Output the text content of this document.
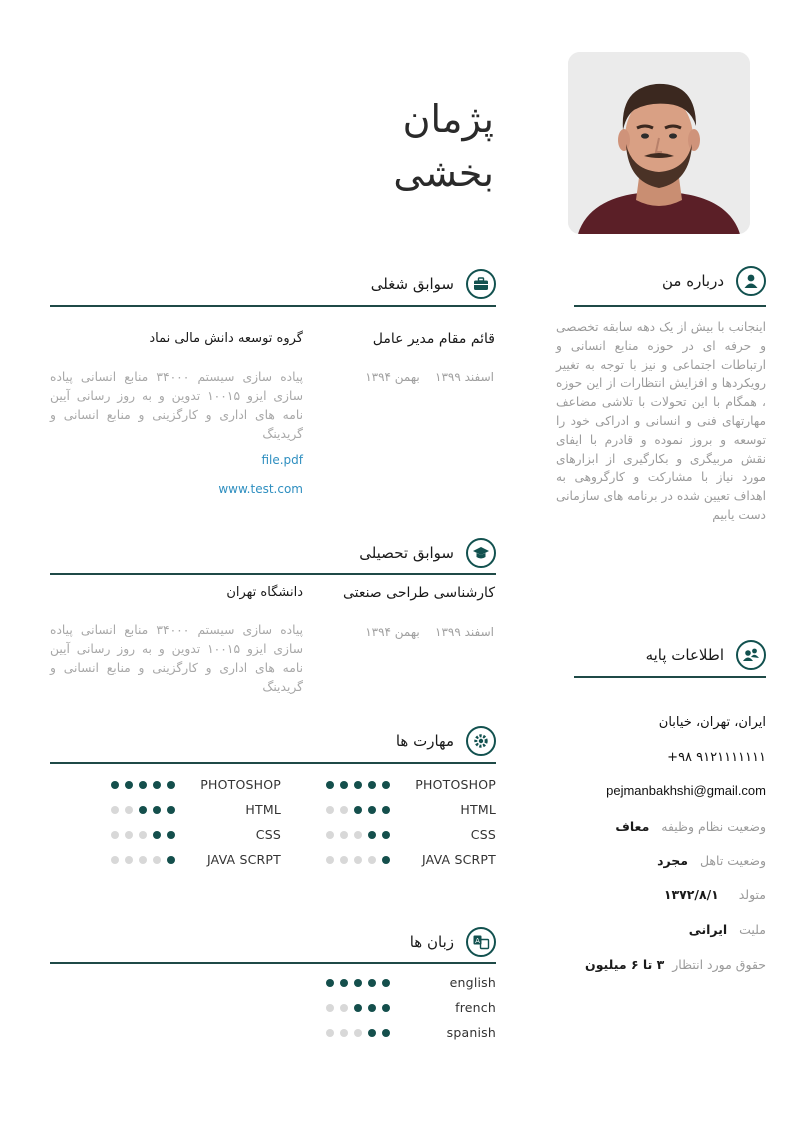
پژمان
بخشی
درباره من
اینجانب با بیش از یک دهه سابقه تخصصی و حرفه ای در حوزه منابع انسانی و ارتباطات اجتماعی و نیز با توجه به تغییر رویکردها و افزایش انتظارات از این حوزه ، همگام با این تحولات با تلاشی مضاعف مهارتهای فنی و انسانی و ادراکی خود را توسعه و بروز نموده و قادرم با ایفای نقش مربیگری و بکارگیری از ابزارهای مورد نیاز با مشارکت و کارگروهی به اهداف تعیین شده در برنامه های سازمانی دست یابیم
اطلاعات پایه
ایران، تهران، خیابان
+۹۸ ۹۱۲۱۱۱۱۱۱۱
pejmanbakhshi@gmail.com
وضعیت نظام وظیفه   معاف
وضعیت تاهل   مجرد
متولد     ۱۳۷۲/۸/۱
ملیت   ایرانی
حقوق مورد انتظار  ۳ تا ۶ میلیون
سوابق شغلی
قائم مقام مدیر عامل
اسفند ۱۳۹۹    بهمن ۱۳۹۴
گروه توسعه دانش مالی نماد
پیاده سازی سیستم ۳۴۰۰۰ منابع انسانی پیاده سازی ایزو ۱۰۰۱۵ تدوین و به روز رسانی آیین نامه های اداری و کارگزینی و منابع انسانی و گریدینگ
file.pdf
www.test.com
سوابق تحصیلی
کارشناسی طراحی صنعتی
اسفند ۱۳۹۹    بهمن ۱۳۹۴
دانشگاه تهران
پیاده سازی سیستم ۳۴۰۰۰ منابع انسانی پیاده سازی ایزو ۱۰۰۱۵ تدوین و به روز رسانی آیین نامه های اداری و کارگزینی و منابع انسانی و گریدینگ
مهارت ها
PHOTOSHOP
HTML
CSS
JAVA SCRPT
PHOTOSHOP
HTML
CSS
JAVA SCRPT
A
زبان ها
english
french
spanish
